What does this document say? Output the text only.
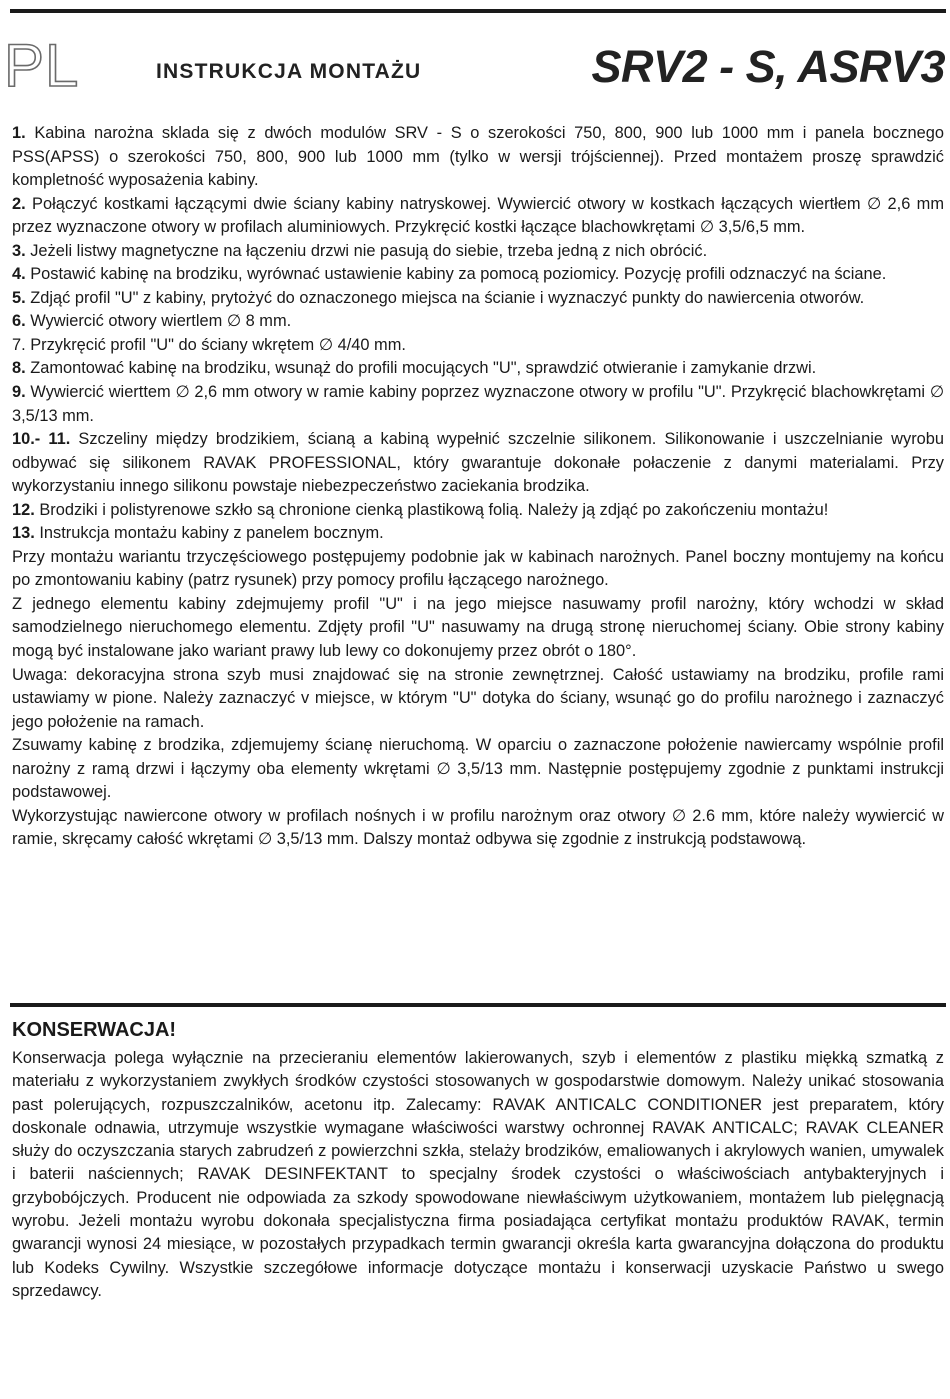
PL	INSTRUKCJA MONTAŻU	SRV2 - S, ASRV3

1. Kabina narożna sklada się z dwóch modulów SRV - S o szerokości 750, 800, 900 lub 1000 mm i panela bocznego PSS(APSS) o szerokości 750, 800, 900 lub 1000 mm (tylko w wersji trójściennej). Przed montażem proszę sprawdzić kompletność wyposażenia kabiny.

2. Połączyć kostkami łączącymi dwie ściany kabiny natryskowej. Wywiercić otwory w kostkach łączących wiertłem ∅ 2,6 mm przez wyznaczone otwory w profilach aluminiowych. Przykręcić kostki łączące blachowkrętami ∅ 3,5/6,5 mm.

3. Jeżeli listwy magnetyczne na łączeniu drzwi nie pasują do siebie, trzeba jedną z nich obrócić.

4. Postawić kabinę na brodziku, wyrównać ustawienie kabiny za pomocą poziomicy. Pozycję profili odznaczyć na ściane.

5. Zdjąć profil "U" z kabiny, prytożyć do oznaczonego miejsca na ścianie i wyznaczyć punkty do nawiercenia otworów.

6. Wywiercić otwory wiertlem ∅ 8 mm.

7. Przykręcić profil "U" do ściany wkrętem ∅ 4/40 mm.

8. Zamontować kabinę na brodziku, wsunąż do profili mocujących "U", sprawdzić otwieranie i zamykanie drzwi.

9. Wywiercić wierttem ∅ 2,6 mm otwory w ramie kabiny poprzez wyznaczone otwory w profilu "U". Przykręcić blachowkrętami ∅ 3,5/13 mm.

10.- 11. Szczeliny między brodzikiem, ścianą a kabiną wypełnić szczelnie silikonem. Silikonowanie i uszczelnianie wyrobu odbywać się silikonem RAVAK PROFESSIONAL, który gwarantuje dokonałe połaczenie z danymi materialami. Przy wykorzystaniu innego silikonu powstaje niebezpeczeństwo zaciekania brodzika.

12. Brodziki i polistyrenowe szkło są chronione cienką plastikową folią. Należy ją zdjąć po zakończeniu montażu!

13. Instrukcja montażu kabiny z panelem bocznym.

Przy montażu wariantu trzyczęściowego postępujemy podobnie jak w kabinach narożnych. Panel boczny montujemy na końcu po zmontowaniu kabiny (patrz rysunek) przy pomocy profilu łączącego narożnego.

Z jednego elementu kabiny zdejmujemy profil "U" i na jego miejsce nasuwamy profil narożny, który wchodzi w skład samodzielnego nieruchomego elementu. Zdjęty profil "U" nasuwamy na drugą stronę nieruchomej ściany. Obie strony kabiny mogą być instalowane jako wariant prawy lub lewy co dokonujemy przez obrót o 180°.

Uwaga: dekoracyjna strona szyb musi znajdować się na stronie zewnętrznej. Całość ustawiamy na brodziku, profile rami ustawiamy w pione. Należy zaznaczyć v miejsce, w którym "U" dotyka do ściany, wsunąć go do profilu narożnego i zaznaczyć jego położenie na ramach.

Zsuwamy kabinę z brodzika, zdjemujemy ścianę nieruchomą. W oparciu o zaznaczone położenie nawiercamy wspólnie profil narożny z ramą drzwi i łączymy oba elementy wkrętami ∅ 3,5/13 mm. Następnie postępujemy zgodnie z punktami instrukcji podstawowej.

Wykorzystując nawiercone otwory w profilach nośnych i w profilu narożnym oraz otwory ∅ 2.6 mm, które należy wywiercić w ramie, skręcamy całość wkrętami ∅ 3,5/13 mm. Dalszy montaż odbywa się zgodnie z instrukcją podstawową.

KONSERWACJA!

Konserwacja polega wyłącznie na przecieraniu elementów lakierowanych, szyb i elementów z plastiku miękką szmatką z materiału z wykorzystaniem zwykłych środków czystości stosowanych w gospodarstwie domowym. Należy unikać stosowania past polerujących, rozpuszczalników, acetonu itp. Zalecamy: RAVAK ANTICALC CONDITIONER jest preparatem, który doskonale odnawia, utrzymuje wszystkie wymagane właściwości warstwy ochronnej RAVAK ANTICALC; RAVAK CLEANER służy do oczyszczania starych zabrudzeń z powierzchni szkła, stelaży brodzików, emaliowanych i akrylowych wanien, umywalek i baterii naściennych; RAVAK DESINFEKTANT to specjalny środek czystości o właściwościach antybakteryjnych i grzybobójczych. Producent nie odpowiada za szkody spowodowane niewłaściwym użytkowaniem, montażem lub pielęgnacją wyrobu. Jeżeli montażu wyrobu dokonała specjalistyczna firma posiadająca certyfikat montażu produktów RAVAK, termin gwarancji wynosi 24 miesiące, w pozostałych przypadkach termin gwarancji określa karta gwarancyjna dołączona do produktu lub Kodeks Cywilny. Wszystkie szczegółowe informacje dotyczące montażu i konserwacji uzyskacie Państwo u swego sprzedawcy.
